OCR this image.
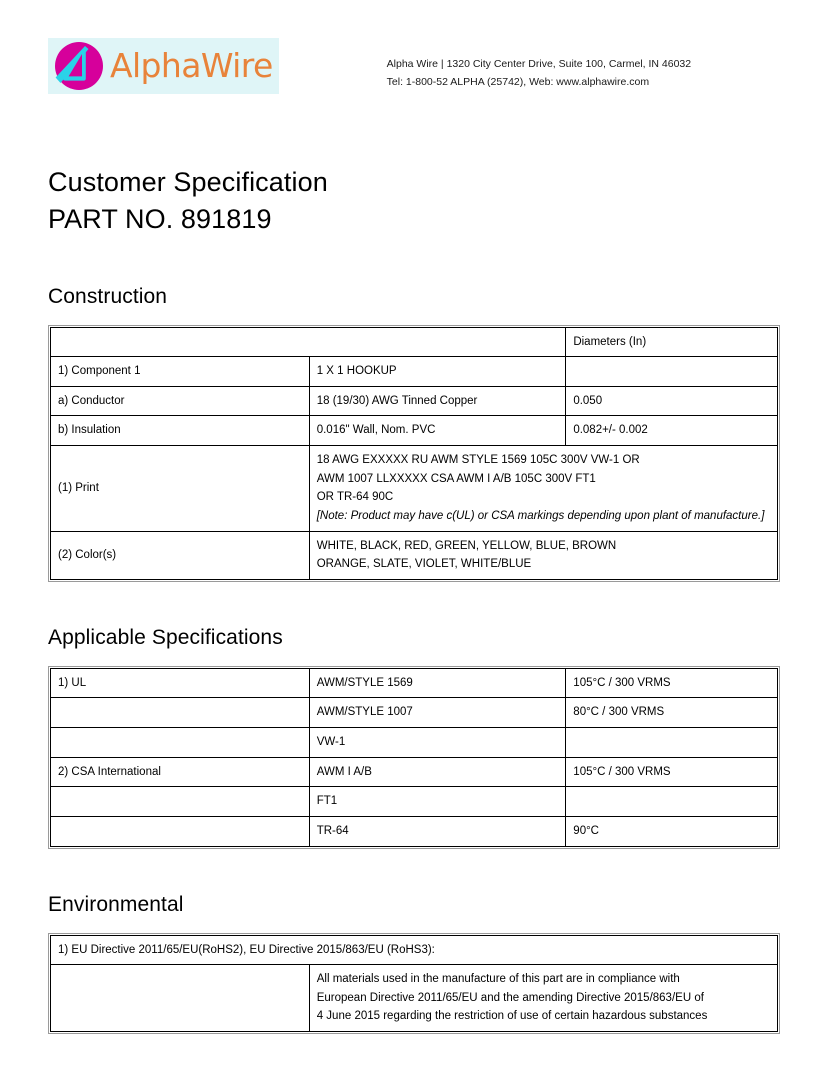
AlphaWire	Alpha Wire | 1320 City Center Drive, Suite 100, Carmel, IN 46032
Tel: 1-800-52 ALPHA (25742), Web: www.alphawire.com
Customer Specification
PART NO. 891819
Construction
		Diameters (In)
1) Component 1	1 X 1 HOOKUP	
a) Conductor	18 (19/30) AWG Tinned Copper	0.050
b) Insulation	0.016" Wall, Nom. PVC	0.082+/- 0.002
(1) Print	18 AWG EXXXXX RU AWM STYLE 1569 105C 300V VW-1 OR
AWM 1007 LLXXXXX CSA AWM I A/B 105C 300V FT1
OR TR-64 90C
[Note: Product may have c(UL) or CSA markings depending upon plant of manufacture.]	

(2) Color(s)	WHITE, BLACK, RED, GREEN, YELLOW, BLUE, BROWN
ORANGE, SLATE, VIOLET, WHITE/BLUE	
Applicable Specifications
1) UL	AWM/STYLE 1569	105°C / 300 VRMS
	AWM/STYLE 1007	80°C / 300 VRMS
	VW-1	
2) CSA International	AWM I A/B	105°C / 300 VRMS
	FT1	
	TR-64	90°C
Environmental
1) EU Directive 2011/65/EU(RoHS2), EU Directive 2015/863/EU (RoHS3):

All materials used in the manufacture of this part are in compliance with
European Directive 2011/65/EU and the amending Directive 2015/863/EU of
4 June 2015 regarding the restriction of use of certain hazardous substances
